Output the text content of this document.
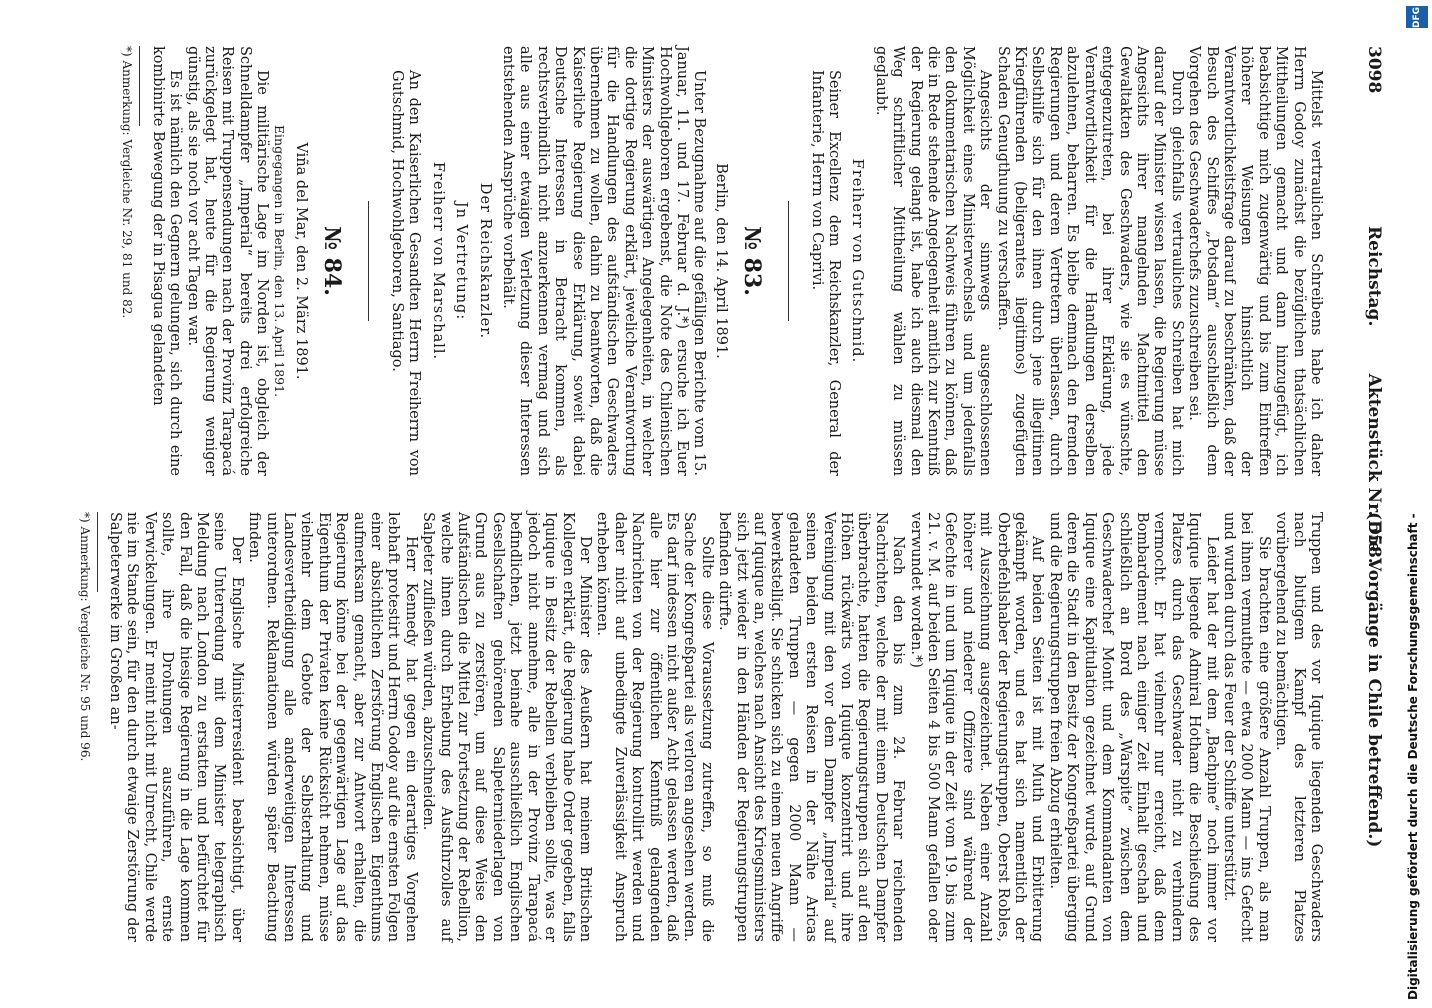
3098
Reichstag.        Aktenstück Nr. 558.
(Die Vorgänge in Chile betreffend.)

Mittelst vertraulichen Schreibens habe ich daher Herrn Godoy zunächst die bezüglichen thatsächlichen Mittheilungen gemacht und dann hinzugefügt, ich beabsichtige mich zugenwärtig und bis zum Eintreffen höherer Weisungen hinsichtlich der Verantwortlichkeitsfrage darauf zu beschränken, daß der Besuch des Schiffes „Potsdam“ ausschließlich dem Vorgehen des Geschwaderchefs zuzuschreiben sei.

Durch gleichfalls vertrauliches Schreiben hat mich darauf der Minister wissen lassen, die Regierung müsse Angesichts ihrer mangelnden Machtmittel den Gewaltakten des Geschwaders, wie sie es wünschte, entgegenzutreten, bei ihrer Erklärung, jede Verantwortlichkeit für die Handlungen derselben abzulehnen, beharren. Es bleibe demnach den fremden Regierungen und deren Vertretern überlassen, durch Selbsthilfe sich für den ihnen durch jene illegitimen Kriegführenden (beligerantes ilegitimos) zugefügten Schaden Genugthuung zu verschaffen.

Angesichts der sinnwegs ausgeschlossenen Möglichkeit eines Ministerwechsels und um jedenfalls den dokumentarischen Nachweis führen zu können, daß die in Rede stehende Angelegenheit amtlich zur Kenntniß der Regierung gelangt ist, habe ich auch diesmal den Weg schriftlicher Mittheilung wählen zu müssen geglaubt.

Freiherr von Gutschmid.

Seiner Excellenz dem Reichskanzler, General der Infanterie, Herrn von Caprivi.

№ 83.

Berlin, den 14. April 1891.

Unter Bezugnahme auf die gefälligen Berichte vom 15. Januar, 11. und 17. Februar d. J.*) ersuche ich Euer Hochwohlgeboren ergebenst, die Note des Chilenischen Ministers der auswärtigen Angelegenheiten, in welcher die dortige Regierung erklärt, jeweliche Verantwortung für die Handlungen des aufständischen Geschwaders übernehmen zu wollen, dahin zu beantworten, daß die Kaiserliche Regierung diese Erklärung, soweit dabei Deutsche Interessen in Betracht kommen, als rechtsverbindlich nicht anzuerkennen vermag und sich alle aus einer etwaigen Verletzung dieser Interessen entstehenden Ansprüche vorbehält.

Der Reichskanzler.

Jn Vertretung:

Freiherr von Marschall.

An den Kaiserlichen Gesandten Herrn Freiherrn von Gutschmid, Hochwohlgeboren, Santiago.

№ 84.

Viña del Mar, den 2. März 1891.

Eingegangen in Berlin, den 13. April 1891.

Die militärische Lage im Norden ist, obgleich der Schnelldampfer „Imperial“ bereits drei erfolgreiche Reisen mit Truppensendungen nach der Provinz Tarapacá zurückgelegt hat, heute für die Regierung weniger günstig, als sie noch vor acht Tagen war.

Es ist nämlich den Gegnern gelungen, sich durch eine kombinirte Bewegung der in Pisagua gelandeten

*) Anmerkung: Vergleiche Nr. 29, 81 und 82.

Truppen und des vor Iquique liegenden Geschwaders nach blutigem Kampf des letzteren Platzes vorübergehend zu bemächtigen.

Sie brachten eine größere Anzahl Truppen, als man bei ihnen vermuthete — etwa 2000 Mann — ins Gefecht und wurden durch das Feuer der Schiffe unterstützt.

Leider hat der mit dem „Bachpine“ noch immer vor Iquique liegende Admiral Hotham die Beschießung des Platzes durch das Geschwader nicht zu verhindern vermocht. Er hat vielmehr nur erreicht, daß dem Bombardement nach einiger Zeit Einhalt geschah und schließlich an Bord des „Warspite“ zwischen dem Geschwaderchef Montt und dem Kommandanten von Iquique eine Kapitulation gezeichnet wurde, auf Grund deren die Stadt in den Besitz der Kongreßpartei überging und die Regierungstruppen freien Abzug erhielten.

Auf beiden Seiten ist mit Muth und Erbitterung gekämpft worden, und es hat sich namentlich der Oberbefehlshaber der Regierungstruppen, Oberst Robles, mit Auszeichnung ausgezeichnet. Neben einer Anzahl höherer und niederer Offiziere sind während der Gefechte in und um Iquique in der Zeit vom 19. bis zum 21. v. M. auf beiden Seiten 4 bis 500 Mann gefallen oder verwundet worden.*)

Nach den bis zum 24. Februar reichenden Nachrichten, welche der mit einem Deutschen Dampfer überbrachte, hatten die Regierungstruppen sich auf den Höhen rückwärts von Iquique konzentrirt und ihre Vereinigung mit den vor dem Dampfer „Imperial“ auf seinen beiden ersten Reisen in der Nähe Aricas gelandeten Truppen — gegen 2000 Mann — bewerkstelligt. Sie schicken sich zu einem neuen Angriffe auf Iquique an, welches nach Ansicht des Kriegsministers sich jetzt wieder in den Händen der Regierungstruppen befinden dürfte.

Sollte diese Voraussetzung zutreffen, so muß die Sache der Kongreßpartei als verloren angesehen werden. Es darf indessen nicht außer Acht gelassen werden, daß alle hier zur öffentlichen Kenntniß gelangenden Nachrichten von der Regierung kontrollirt werden und daher nicht auf unbedingte Zuverlässigkeit Anspruch erheben können.

Der Minister des Aeußern hat meinem Britischen Kollegen erklärt, die Regierung habe Order gegeben, falls Iquique in Besitz der Rebellen verbleiben sollte, was er jedoch nicht annehme, alle in der Provinz Tarapacá befindlichen, jetzt beinahe ausschließlich Englischen Gesellschaften gehörenden Salpeterniederlagen von Grund aus zu zerstören, um auf diese Weise den Aufständischen die Mittel zur Fortsetzung der Rebellion, welche ihnen durch Erhebung des Ausfuhrzolles auf Salpeter zufließen würden, abzuschneiden.

Herr Kennedy hat gegen ein derartiges Vorgehen lebhaft protestirt und Herrn Godoy auf die ernsten Folgen einer absichtlichen Zerstörung Englischen Eigenthums aufmerksam gemacht, aber zur Antwort erhalten, die Regierung könne bei der gegenwärtigen Lage auf das Eigenthum der Privaten keine Rücksicht nehmen, müsse vielmehr dem Gebote der Selbsterhaltung und Landesvertheidigung alle anderweitigen Interessen unterordnen. Reklamationen würden später Beachtung finden.

Der Englische Ministerresident beabsichtigt, über seine Unterredung mit dem Minister telegraphisch Meldung nach London zu erstatten und befürchtet für den Fall, daß die hiesige Regierung in die Lage kommen sollte, ihre Drohungen auszuführen, ernste Verwickelungen. Er meint nicht mit Unrecht, Chile werde nie im Stande sein, für den durch etwaige Zerstörung der Salpeterwerke im Großen an-

*) Anmerkung: Vergleiche Nr. 95 und 96.	Digitalisierung gefördert durch die Deutsche Forschungsgemeinschaft -
DFG
